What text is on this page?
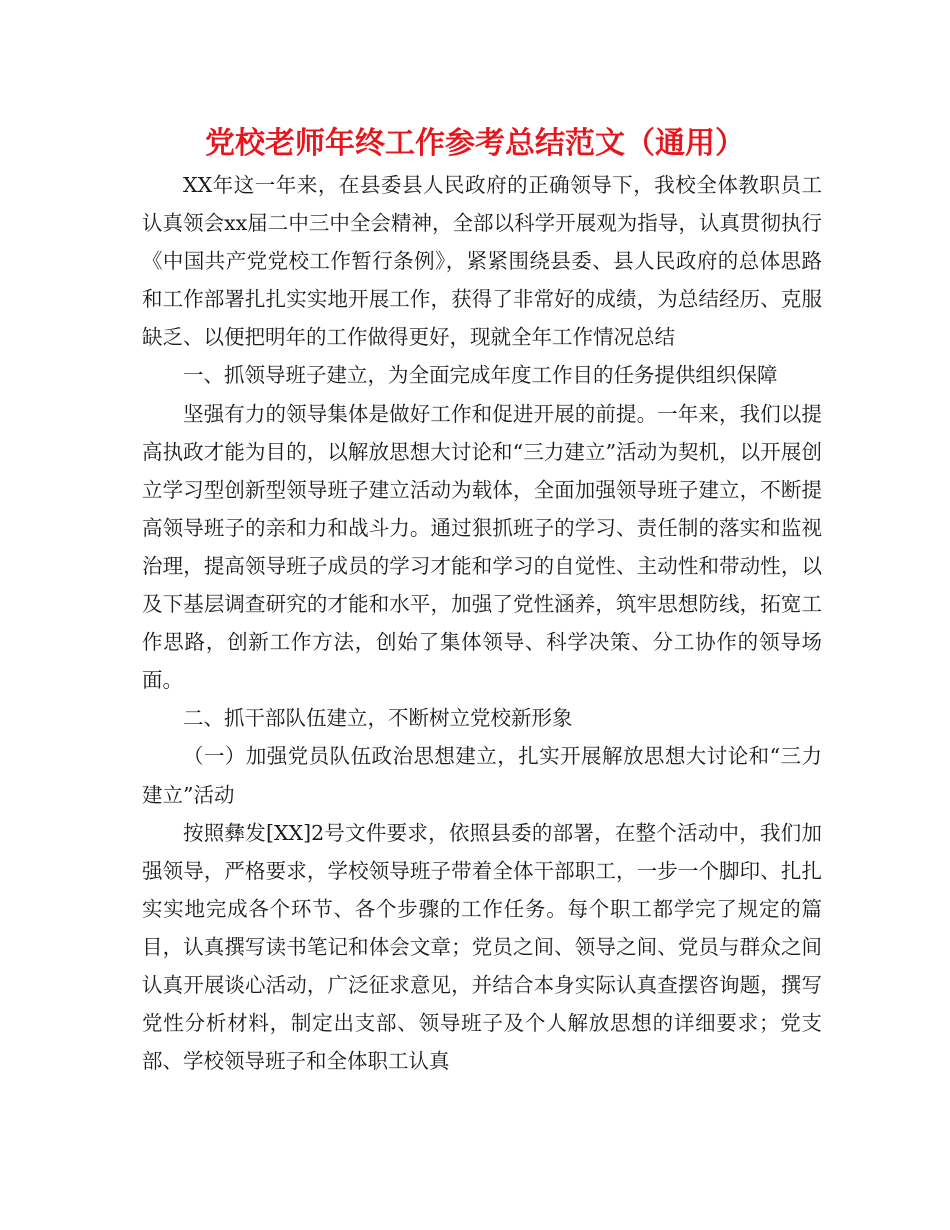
党校老师年终工作参考总结范文（通用）

XX年这一年来，在县委县人民政府的正确领导下，我校全体教职员工认真领会xx届二中三中全会精神，全部以科学开展观为指导，认真贯彻执行《中国共产党党校工作暂行条例》，紧紧围绕县委、县人民政府的总体思路和工作部署扎扎实实地开展工作，获得了非常好的成绩，为总结经历、克服缺乏、以便把明年的工作做得更好，现就全年工作情况总结

一、抓领导班子建立，为全面完成年度工作目的任务提供组织保障

坚强有力的领导集体是做好工作和促进开展的前提。一年来，我们以提高执政才能为目的，以解放思想大讨论和“三力建立”活动为契机，以开展创立学习型创新型领导班子建立活动为载体，全面加强领导班子建立，不断提高领导班子的亲和力和战斗力。通过狠抓班子的学习、责任制的落实和监视治理，提高领导班子成员的学习才能和学习的自觉性、主动性和带动性，以及下基层调查研究的才能和水平，加强了党性涵养，筑牢思想防线，拓宽工作思路，创新工作方法，创始了集体领导、科学决策、分工协作的领导场面。

二、抓干部队伍建立，不断树立党校新形象

（一）加强党员队伍政治思想建立，扎实开展解放思想大讨论和“三力建立”活动

按照彝发[XX]2号文件要求，依照县委的部署，在整个活动中，我们加强领导，严格要求，学校领导班子带着全体干部职工，一步一个脚印、扎扎实实地完成各个环节、各个步骤的工作任务。每个职工都学完了规定的篇目，认真撰写读书笔记和体会文章；党员之间、领导之间、党员与群众之间认真开展谈心活动，广泛征求意见，并结合本身实际认真查摆咨询题，撰写党性分析材料，制定出支部、领导班子及个人解放思想的详细要求；党支部、学校领导班子和全体职工认真
